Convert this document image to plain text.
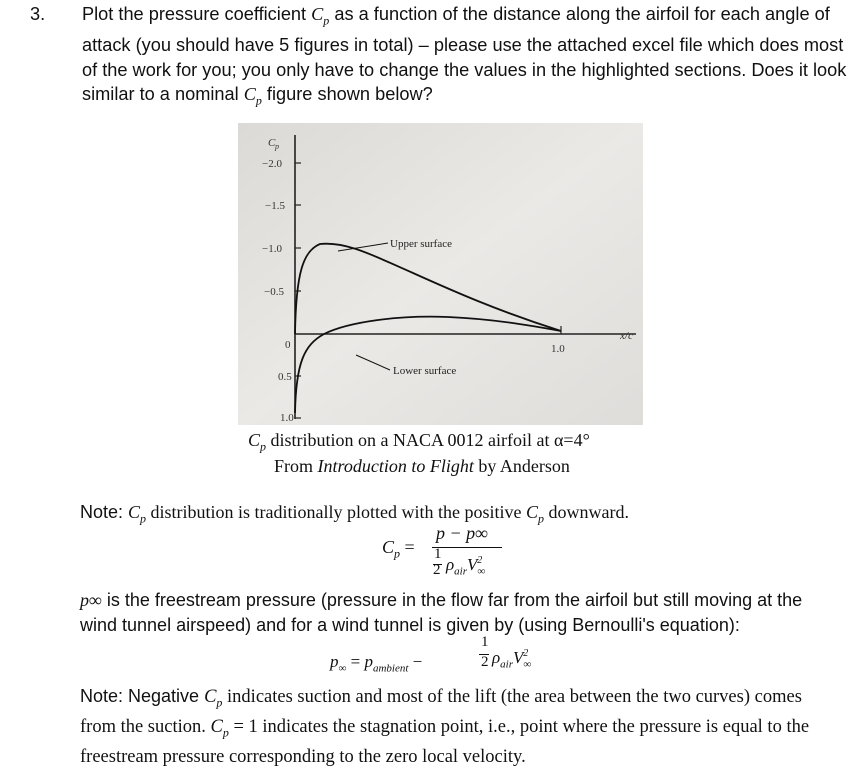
3. Plot the pressure coefficient $C_p$ as a function of the distance along the airfoil for each angle of attack (you should have 5 figures in total) – please use the attached excel file which does most of the work for you; you only have to change the values in the highlighted sections. Does it look similar to a nominal $C_p$ figure shown below?
C p
−2.0
−1.5
−1.0
−0.5
0
0.5
1.0
1.0
x/c
Upper surface
Lower surface
$C_p$ distribution on a NACA 0012 airfoil at α=4°
From Introduction to Flight by Anderson
Note: $C_p$ distribution is traditionally plotted with the positive $C_p$ downward.
$C_p$ =
p − p∞
1
2 $\rho_{air}V_\infty^2$
p∞ is the freestream pressure (pressure in the flow far from the airfoil but still moving at the wind tunnel airspeed) and for a wind tunnel is given by (using Bernoulli's equation):
$p_\infty = p_{ambient}$ −
1
2 $\rho_{air}V_\infty^2$
Note: Negative $C_p$ indicates suction and most of the lift (the area between the two curves) comes from the suction. $C_p = 1$ indicates the stagnation point, i.e., point where the pressure is equal to the freestream pressure corresponding to the zero local velocity.
